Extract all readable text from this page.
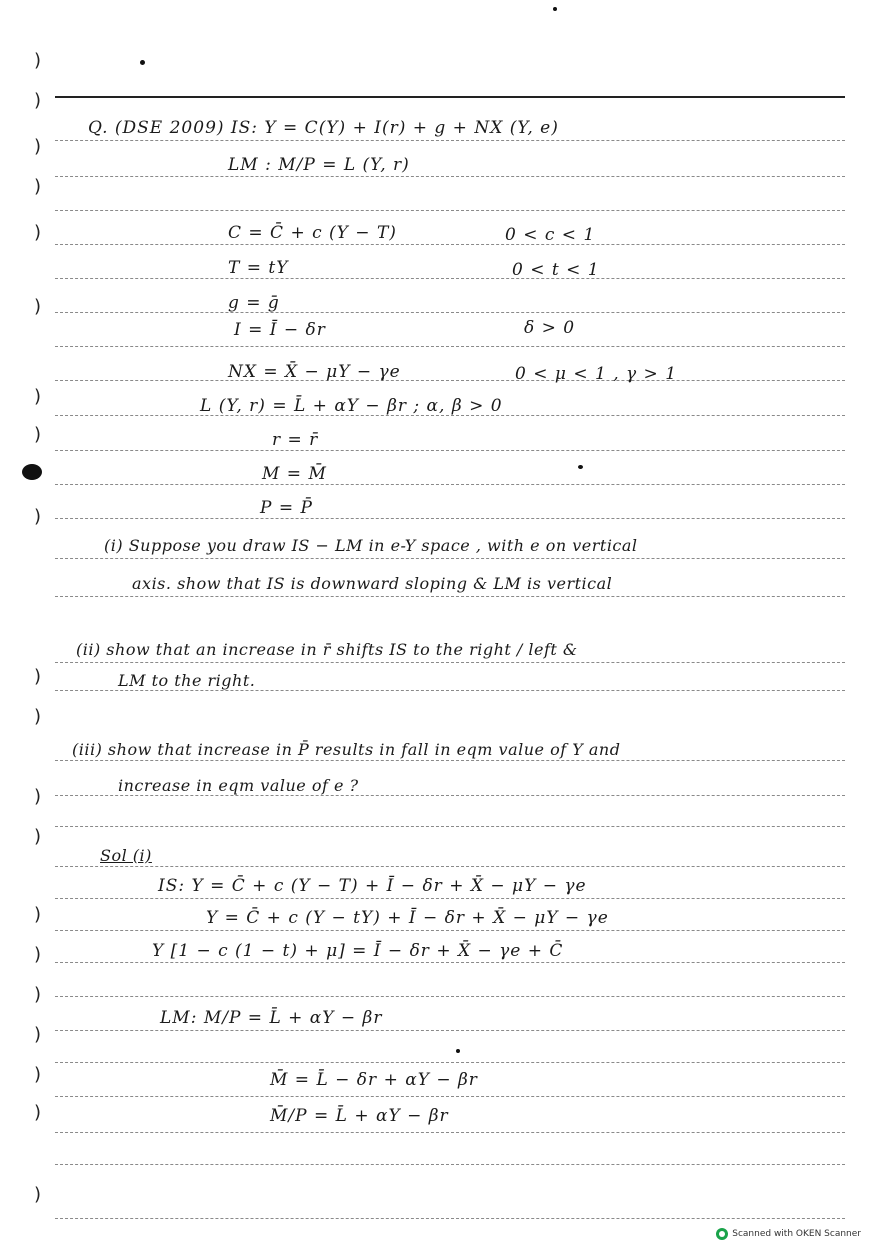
)
)
)
)
)
)
)
)
)
)
)
)
)
)
)
)
)
)
)
)
Q. (DSE 2009) IS: Y = C(Y) + I(r) + g + NX (Y, e)
LM : M/P = L (Y, r)
C = C̄ + c (Y − T)	0 < c < 1
T = tY	0 < t < 1
g = ḡ
I = Ī − δr	δ > 0
NX = X̄ − μY − γe	0 < μ < 1 , γ > 1
L (Y, r) = L̄ + αY − βr ; α, β > 0
r = r̄
M = M̄
P = P̄
(i) Suppose you draw IS − LM in e-Y space , with e on vertical
axis. show that IS is downward sloping & LM is vertical
(ii) show that an increase in r̄ shifts IS to the right / left &
LM to the right.
(iii) show that increase in P̄ results in fall in eqm value of Y and
increase in eqm value of e ?
Sol (i)
IS: Y = C̄ + c (Y − T) + Ī − δr + X̄ − μY − γe
Y = C̄ + c (Y − tY) + Ī − δr + X̄ − μY − γe
Y [1 − c (1 − t) + μ] = Ī − δr + X̄ − γe + C̄
LM: M/P = L̄ + αY − βr
M̄ = L̄ − δr + αY − βr
M̄/P = L̄ + αY − βr
Scanned with OKEN Scanner
